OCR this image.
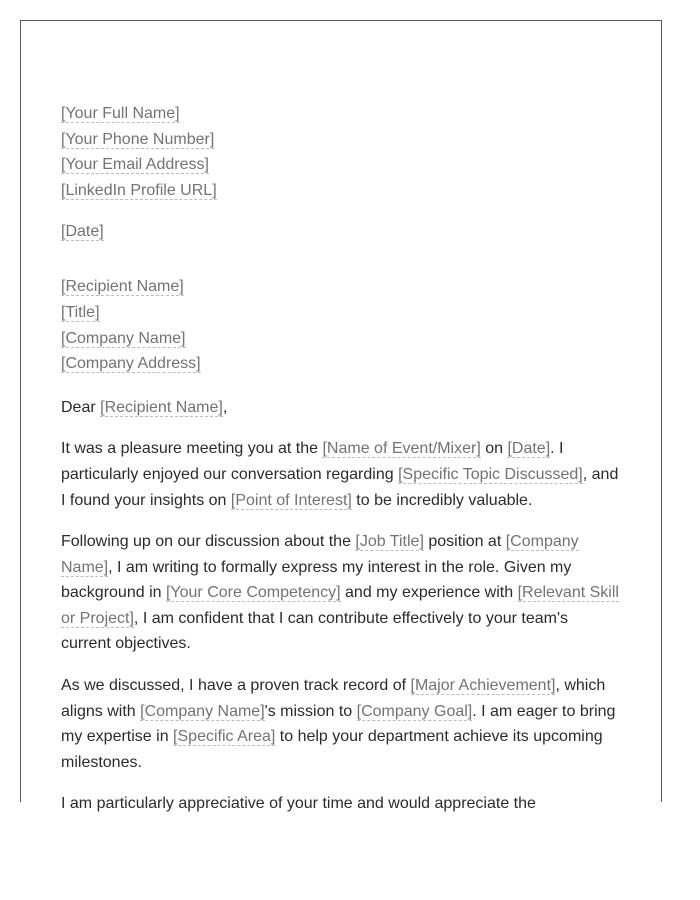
[Your Full Name]
[Your Phone Number]
[Your Email Address]
[LinkedIn Profile URL]
[Date]
[Recipient Name]
[Title]
[Company Name]
[Company Address]
Dear [Recipient Name],

It was a pleasure meeting you at the [Name of Event/Mixer] on [Date]. I
particularly enjoyed our conversation regarding [Specific Topic Discussed], and
I found your insights on [Point of Interest] to be incredibly valuable.

Following up on our discussion about the [Job Title] position at [Company
Name], I am writing to formally express my interest in the role. Given my
background in [Your Core Competency] and my experience with [Relevant Skill
or Project], I am confident that I can contribute effectively to your team's
current objectives.

As we discussed, I have a proven track record of [Major Achievement], which
aligns with [Company Name]'s mission to [Company Goal]. I am eager to bring
my expertise in [Specific Area] to help your department achieve its upcoming
milestones.

I am particularly appreciative of your time and would appreciate the
